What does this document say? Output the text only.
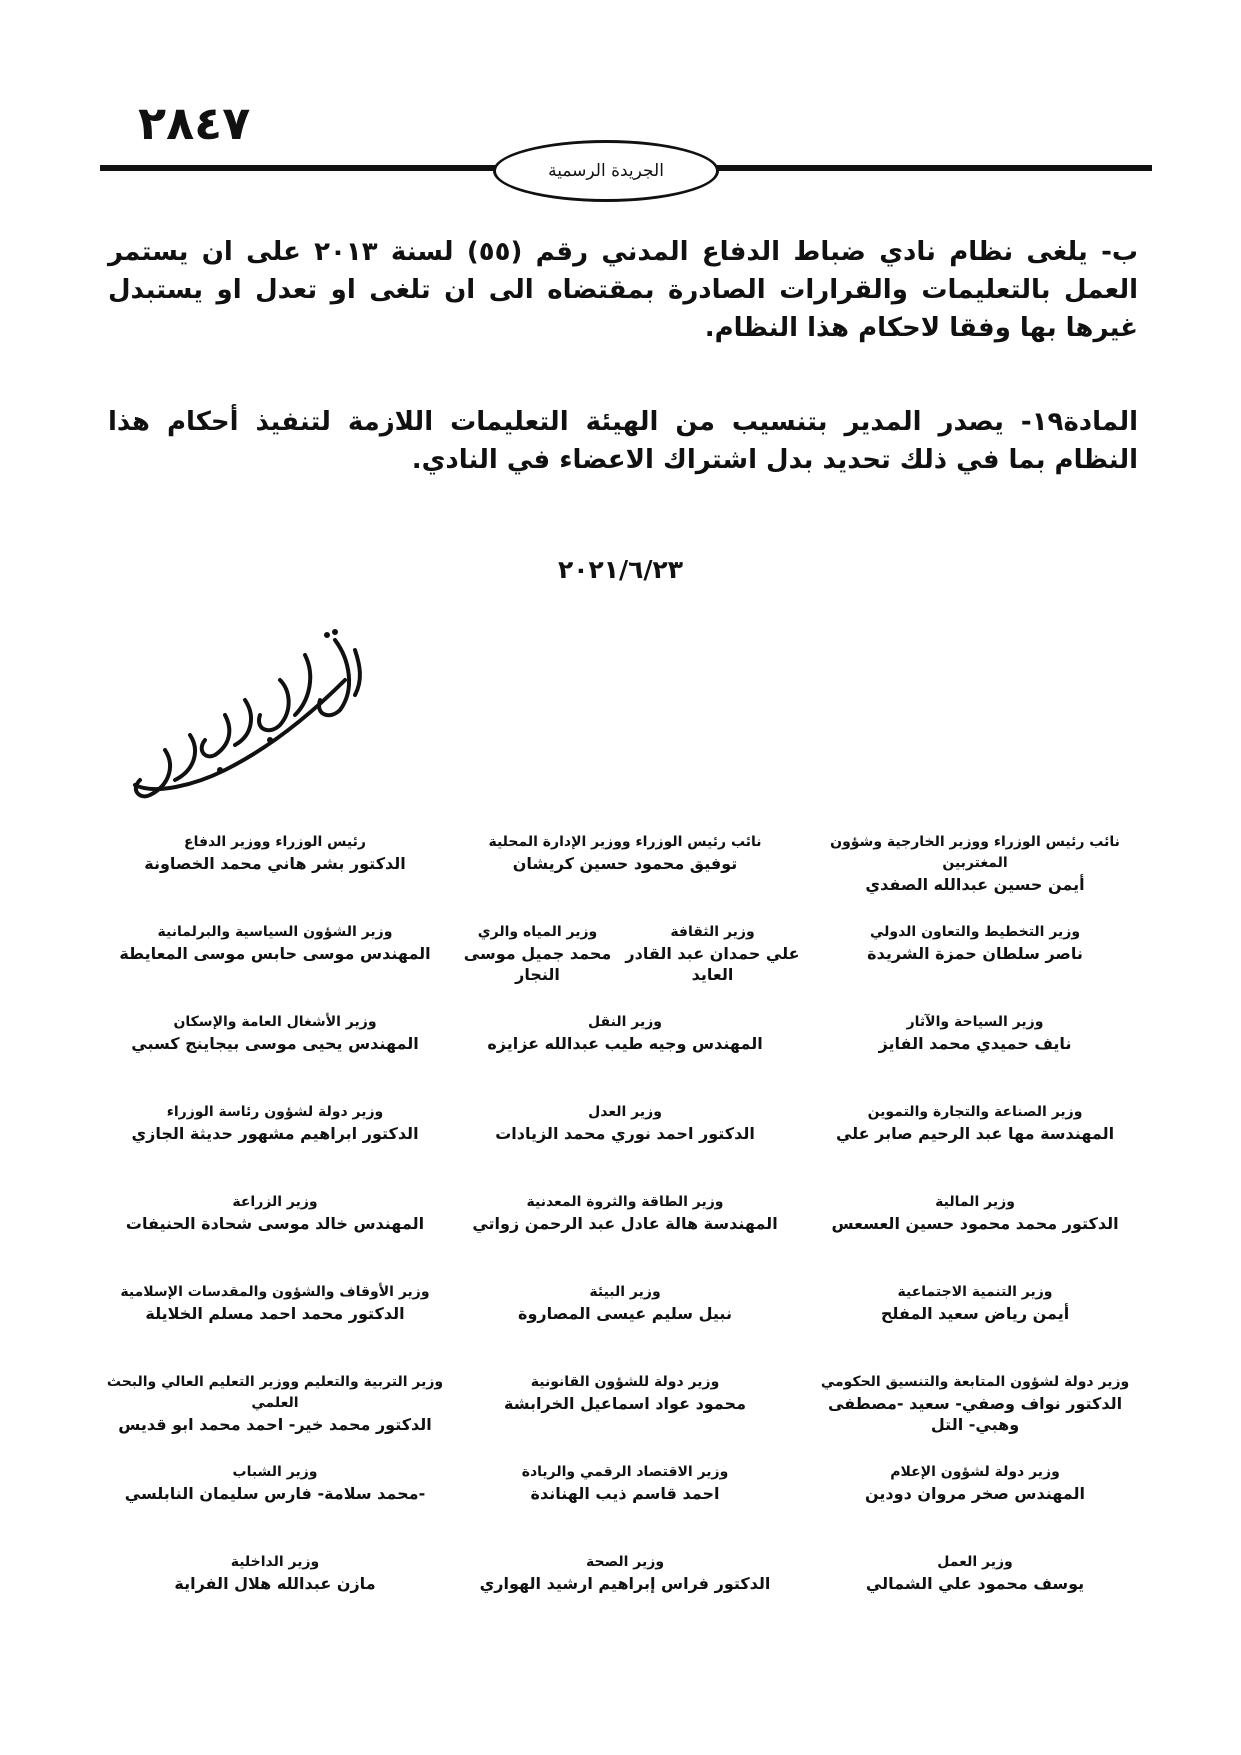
٢٨٤٧
الجريدة الرسمية
ب- يلغى نظام نادي ضباط الدفاع المدني رقم (٥٥) لسنة ٢٠١٣ على ان يستمر العمل بالتعليمات والقرارات الصادرة بمقتضاه الى ان تلغى او تعدل او يستبدل غيرها بها وفقا لاحكام هذا النظام.
المادة١٩- يصدر المدير بتنسيب من الهيئة التعليمات اللازمة لتنفيذ أحكام هذا النظام بما في ذلك تحديد بدل اشتراك الاعضاء في النادي.
٢٠٢١/٦/٢٣
نائب رئيس الوزراء ووزير الخارجية وشؤون المغتربين
أيمن حسين عبدالله الصفدي
نائب رئيس الوزراء ووزير الإدارة المحلية
توفيق محمود حسين كريشان
رئيس الوزراء ووزير الدفاع
الدكتور بشر هاني محمد الخصاونة
وزير التخطيط والتعاون الدولي
ناصر سلطان حمزة الشريدة
وزير الثقافة
علي حمدان عبد القادر العايد
وزير المياه والري
محمد جميل موسى النجار
وزير الشؤون السياسية والبرلمانية
المهندس موسى حابس موسى المعايطة
وزير السياحة والآثار
نايف حميدي محمد الفايز
وزير النقل
المهندس وجيه طيب عبدالله عزايزه
وزير الأشغال العامة والإسكان
المهندس يحيى موسى بيجاينج كسبي
وزير الصناعة والتجارة والتموين
المهندسة مها عبد الرحيم صابر علي
وزير العدل
الدكتور احمد نوري محمد الزيادات
وزير دولة لشؤون رئاسة الوزراء
الدكتور ابراهيم مشهور حديثة الجازي
وزير المالية
الدكتور محمد محمود حسين العسعس
وزير الطاقة والثروة المعدنية
المهندسة هالة عادل عبد الرحمن زواتي
وزير الزراعة
المهندس خالد موسى شحادة الحنيفات
وزير التنمية الاجتماعية
أيمن رياض سعيد المفلح
وزير البيئة
نبيل سليم عيسى المصاروة
وزير الأوقاف والشؤون والمقدسات الإسلامية
الدكتور محمد احمد مسلم الخلايلة
وزير دولة لشؤون المتابعة والتنسيق الحكومي
الدكتور نواف وصفي- سعيد -مصطفى وهبي- التل
وزير دولة للشؤون القانونية
محمود عواد اسماعيل الخرابشة
وزير التربية والتعليم ووزير التعليم العالي والبحث العلمي
الدكتور محمد خير- احمد محمد ابو قديس
وزير دولة لشؤون الإعلام
المهندس صخر مروان دودين
وزير الاقتصاد الرقمي والريادة
احمد قاسم ذيب الهناندة
وزير الشباب
-محمد سلامة- فارس سليمان النابلسي
وزير العمل
يوسف محمود علي الشمالي
وزير الصحة
الدكتور فراس إبراهيم ارشيد الهواري
وزير الداخلية
مازن عبدالله هلال الفراية
